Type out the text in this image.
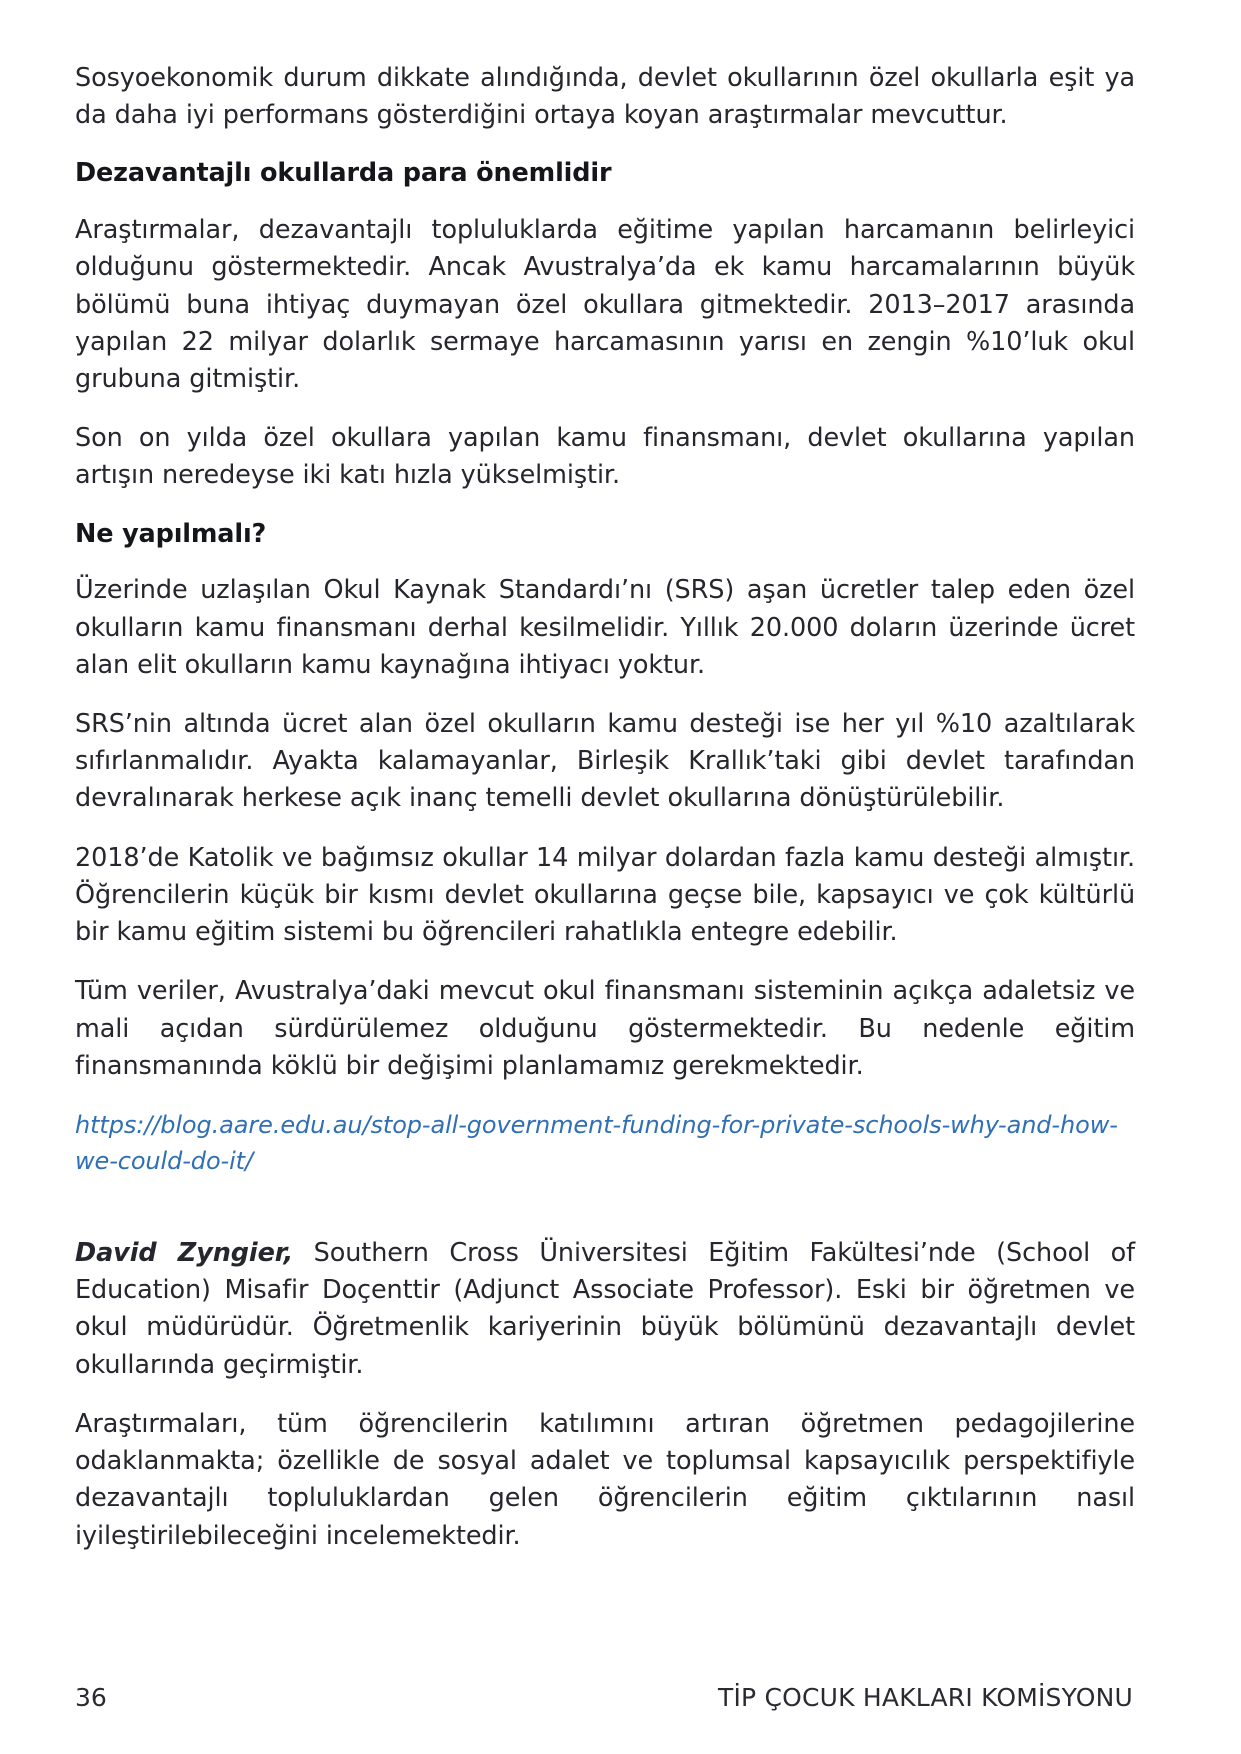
Sosyoekonomik durum dikkate alındığında, devlet okullarının özel okullarla eşit ya da daha iyi performans gösterdiğini ortaya koyan araştırmalar mevcuttur.

Dezavantajlı okullarda para önemlidir

Araştırmalar, dezavantajlı topluluklarda eğitime yapılan harcamanın belirleyici olduğunu göstermektedir. Ancak Avustralya’da ek kamu harcamalarının büyük bölümü buna ihtiyaç duymayan özel okullara gitmektedir. 2013–2017 arasında yapılan 22 milyar dolarlık sermaye harcamasının yarısı en zengin %10’luk okul grubuna gitmiştir.

Son on yılda özel okullara yapılan kamu finansmanı, devlet okullarına yapılan artışın neredeyse iki katı hızla yükselmiştir.

Ne yapılmalı?

Üzerinde uzlaşılan Okul Kaynak Standardı’nı (SRS) aşan ücretler talep eden özel okulların kamu finansmanı derhal kesilmelidir. Yıllık 20.000 doların üzerinde ücret alan elit okulların kamu kaynağına ihtiyacı yoktur.

SRS’nin altında ücret alan özel okulların kamu desteği ise her yıl %10 azaltılarak sıfırlanmalıdır. Ayakta kalamayanlar, Birleşik Krallık’taki gibi devlet tarafından devralınarak herkese açık inanç temelli devlet okullarına dönüştürülebilir.

2018’de Katolik ve bağımsız okullar 14 milyar dolardan fazla kamu desteği almıştır. Öğrencilerin küçük bir kısmı devlet okullarına geçse bile, kapsayıcı ve çok kültürlü bir kamu eğitim sistemi bu öğrencileri rahatlıkla entegre edebilir.

Tüm veriler, Avustralya’daki mevcut okul finansmanı sisteminin açıkça adaletsiz ve mali açıdan sürdürülemez olduğunu göstermektedir. Bu nedenle eğitim finansmanında köklü bir değişimi planlamamız gerekmektedir.

https://blog.aare.edu.au/stop-all-government-funding-for-private-schools-why-and-how-we-could-do-it/

David Zyngier, Southern Cross Üniversitesi Eğitim Fakültesi’nde (School of Education) Misafir Doçenttir (Adjunct Associate Professor). Eski bir öğretmen ve okul müdürüdür. Öğretmenlik kariyerinin büyük bölümünü dezavantajlı devlet okullarında geçirmiştir.

Araştırmaları, tüm öğrencilerin katılımını artıran öğretmen pedagojilerine odaklanmakta; özellikle de sosyal adalet ve toplumsal kapsayıcılık perspektifiyle dezavantajlı topluluklardan gelen öğrencilerin eğitim çıktılarının nasıl iyileştirilebileceğini incelemektedir.

36	TİP ÇOCUK HAKLARI KOMİSYONU
